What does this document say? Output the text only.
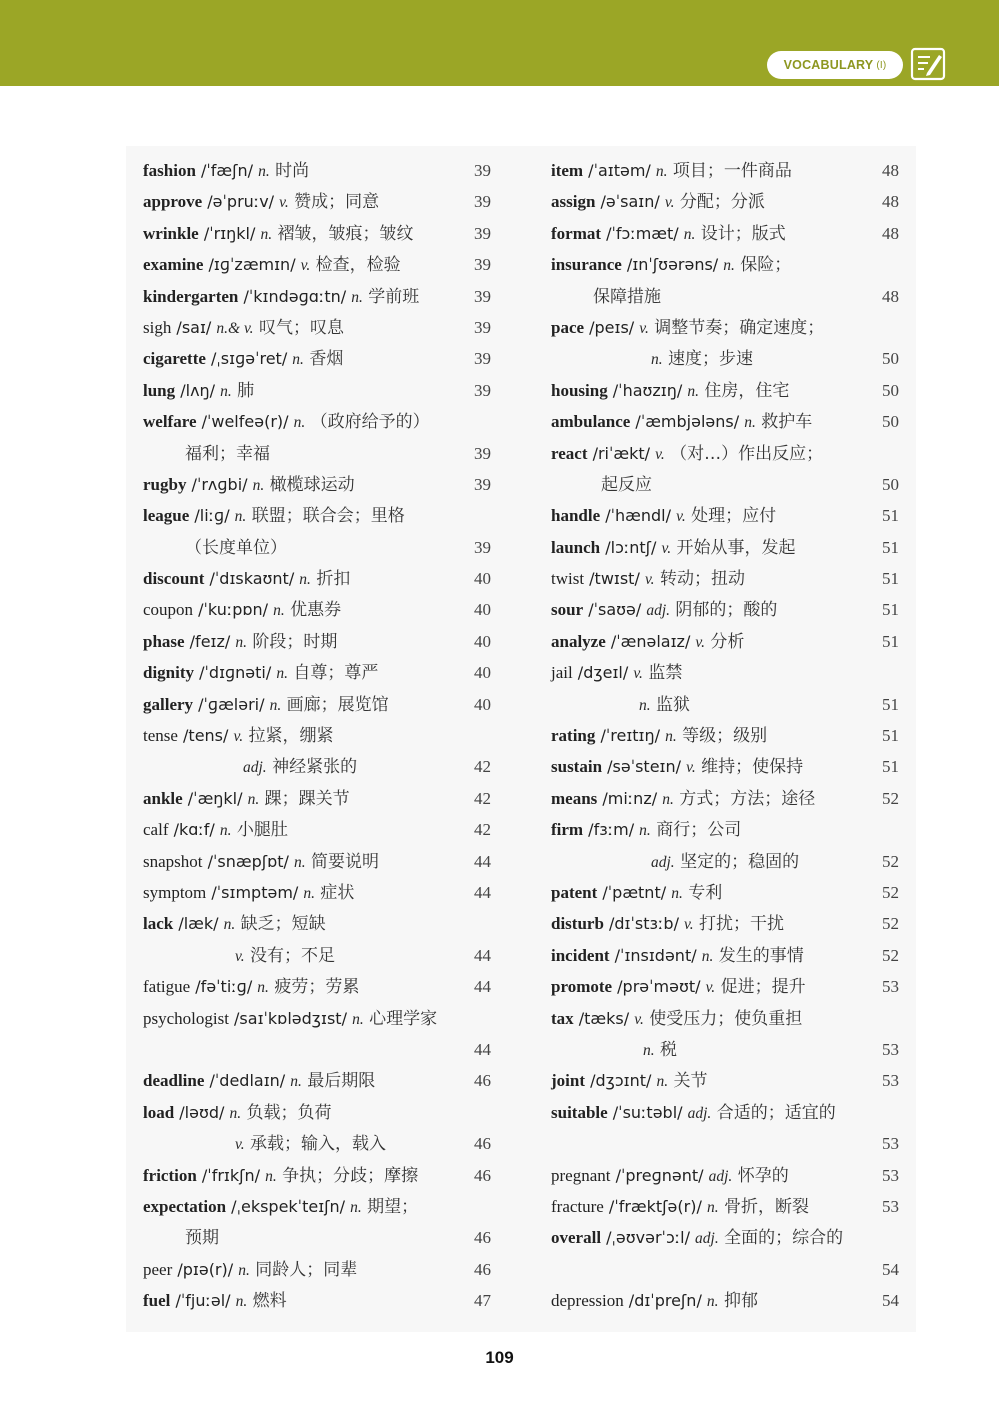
VOCABULARY (I)
fashion /ˈfæʃn/ n. 时尚	39
approve /əˈpruːv/ v. 赞成；同意	39
wrinkle /ˈrɪŋkl/ n. 褶皱，皱痕；皱纹	39
examine /ɪɡˈzæmɪn/ v. 检查，检验	39
kindergarten /ˈkɪndəɡɑːtn/ n. 学前班	39
sigh /saɪ/ n.& v. 叹气；叹息	39
cigarette /ˌsɪɡəˈret/ n. 香烟	39
lung /lʌŋ/ n. 肺	39
welfare /ˈwelfeə(r)/ n. （政府给予的）
福利；幸福	39
rugby /ˈrʌɡbi/ n. 橄榄球运动	39
league /liːɡ/ n. 联盟；联合会；里格
（长度单位）	39
discount /ˈdɪskaʊnt/ n. 折扣	40
coupon /ˈkuːpɒn/ n. 优惠券	40
phase /feɪz/ n. 阶段；时期	40
dignity /ˈdɪɡnəti/ n. 自尊；尊严	40
gallery /ˈɡæləri/ n. 画廊；展览馆	40
tense /tens/ v. 拉紧，绷紧
adj. 神经紧张的	42
ankle /ˈæŋkl/ n. 踝；踝关节	42
calf /kɑːf/ n. 小腿肚	42
snapshot /ˈsnæpʃɒt/ n. 简要说明	44
symptom /ˈsɪmptəm/ n. 症状	44
lack /læk/ n. 缺乏；短缺
v. 没有；不足	44
fatigue /fəˈtiːɡ/ n. 疲劳；劳累	44
psychologist /saɪˈkɒlədʒɪst/ n. 心理学家
44
deadline /ˈdedlaɪn/ n. 最后期限	46
load /ləʊd/ n. 负载；负荷
v. 承载；输入，载入	46
friction /ˈfrɪkʃn/ n. 争执；分歧；摩擦	46
expectation /ˌekspekˈteɪʃn/ n. 期望；
预期	46
peer /pɪə(r)/ n. 同龄人；同辈	46
fuel /ˈfjuːəl/ n. 燃料	47
item /ˈaɪtəm/ n. 项目；一件商品	48
assign /əˈsaɪn/ v. 分配；分派	48
format /ˈfɔːmæt/ n. 设计；版式	48
insurance /ɪnˈʃʊərəns/ n. 保险；
保障措施	48
pace /peɪs/ v. 调整节奏；确定速度；
n. 速度；步速	50
housing /ˈhaʊzɪŋ/ n. 住房，住宅	50
ambulance /ˈæmbjələns/ n. 救护车	50
react /riˈækt/ v. （对…）作出反应；
起反应	50
handle /ˈhændl/ v. 处理；应付	51
launch /lɔːntʃ/ v. 开始从事，发起	51
twist /twɪst/ v. 转动；扭动	51
sour /ˈsaʊə/ adj. 阴郁的；酸的	51
analyze /ˈænəlaɪz/ v. 分析	51
jail /dʒeɪl/ v. 监禁
n. 监狱	51
rating /ˈreɪtɪŋ/ n. 等级；级别	51
sustain /səˈsteɪn/ v. 维持；使保持	51
means /miːnz/ n. 方式；方法；途径	52
firm /fɜːm/ n. 商行；公司
adj. 坚定的；稳固的	52
patent /ˈpætnt/ n. 专利	52
disturb /dɪˈstɜːb/ v. 打扰；干扰	52
incident /ˈɪnsɪdənt/ n. 发生的事情	52
promote /prəˈməʊt/ v. 促进；提升	53
tax /tæks/ v. 使受压力；使负重担
n. 税	53
joint /dʒɔɪnt/ n. 关节	53
suitable /ˈsuːtəbl/ adj. 合适的；适宜的
53
pregnant /ˈpreɡnənt/ adj. 怀孕的	53
fracture /ˈfræktʃə(r)/ n. 骨折，断裂	53
overall /ˌəʊvərˈɔːl/ adj. 全面的；综合的
54
depression /dɪˈpreʃn/ n. 抑郁	54
109
